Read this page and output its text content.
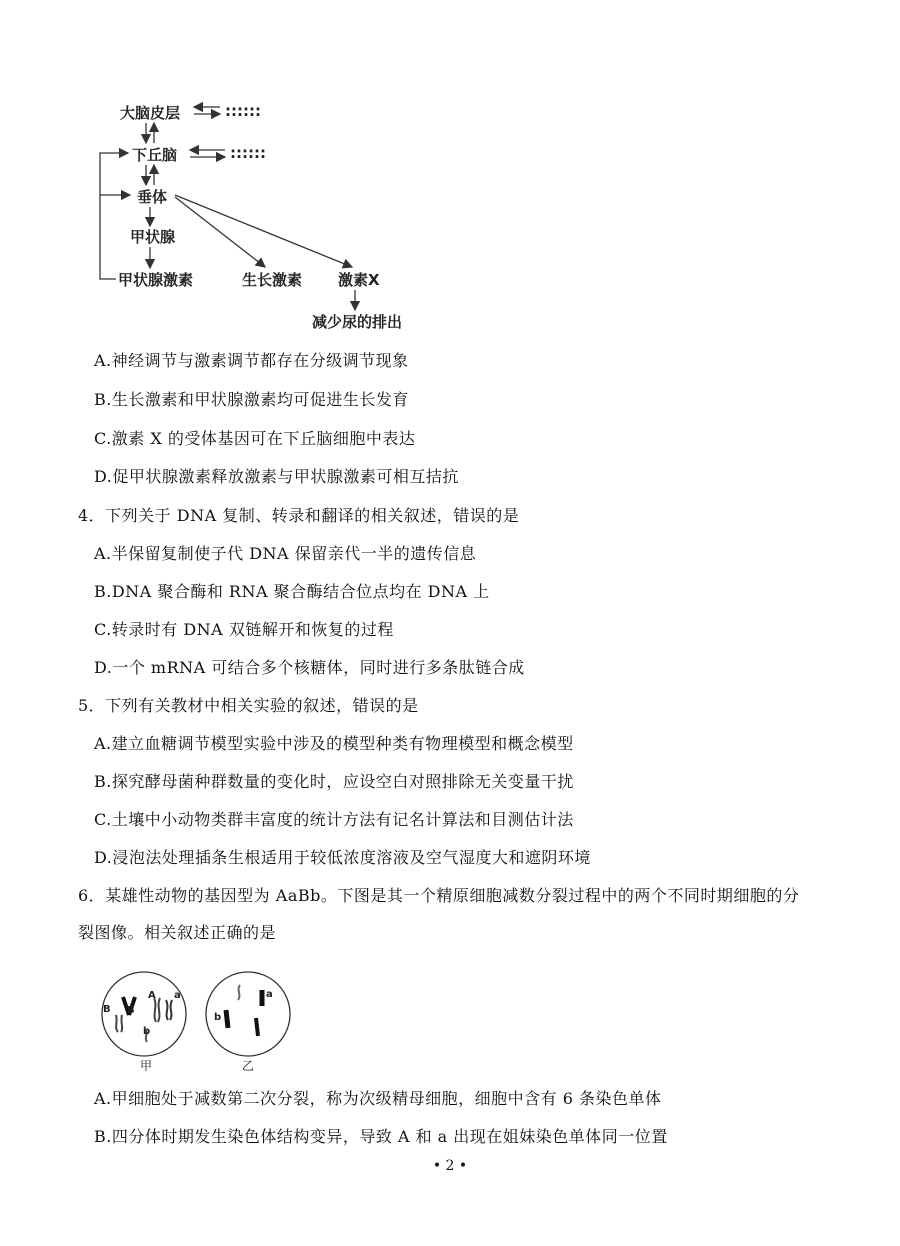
大脑皮层
下丘脑
垂体
甲状腺
甲状腺激素	生长激素 激素X
减少尿的排出
::::::
::::::
A.神经调节与激素调节都存在分级调节现象
B.生长激素和甲状腺激素均可促进生长发育
C.激素 X 的受体基因可在下丘脑细胞中表达
D.促甲状腺激素释放激素与甲状腺激素可相互拮抗
4．下列关于 DNA 复制、转录和翻译的相关叙述，错误的是
A.半保留复制使子代 DNA 保留亲代一半的遗传信息
B.DNA 聚合酶和 RNA 聚合酶结合位点均在 DNA 上
C.转录时有 DNA 双链解开和恢复的过程
D.一个 mRNA 可结合多个核糖体，同时进行多条肽链合成
5．下列有关教材中相关实验的叙述，错误的是
A.建立血糖调节模型实验中涉及的模型种类有物理模型和概念模型
B.探究酵母菌种群数量的变化时，应设空白对照排除无关变量干扰
C.土壤中小动物类群丰富度的统计方法有记名计算法和目测估计法
D.浸泡法处理插条生根适用于较低浓度溶液及空气湿度大和遮阴环境
6．某雄性动物的基因型为 AaBb。下图是其一个精原细胞减数分裂过程中的两个不同时期细胞的分
裂图像。相关叙述正确的是
B B
A a
b
甲
a
b
乙
A.甲细胞处于减数第二次分裂，称为次级精母细胞，细胞中含有 6 条染色单体
B.四分体时期发生染色体结构变异，导致 A 和 a 出现在姐妹染色单体同一位置
• 2 •
